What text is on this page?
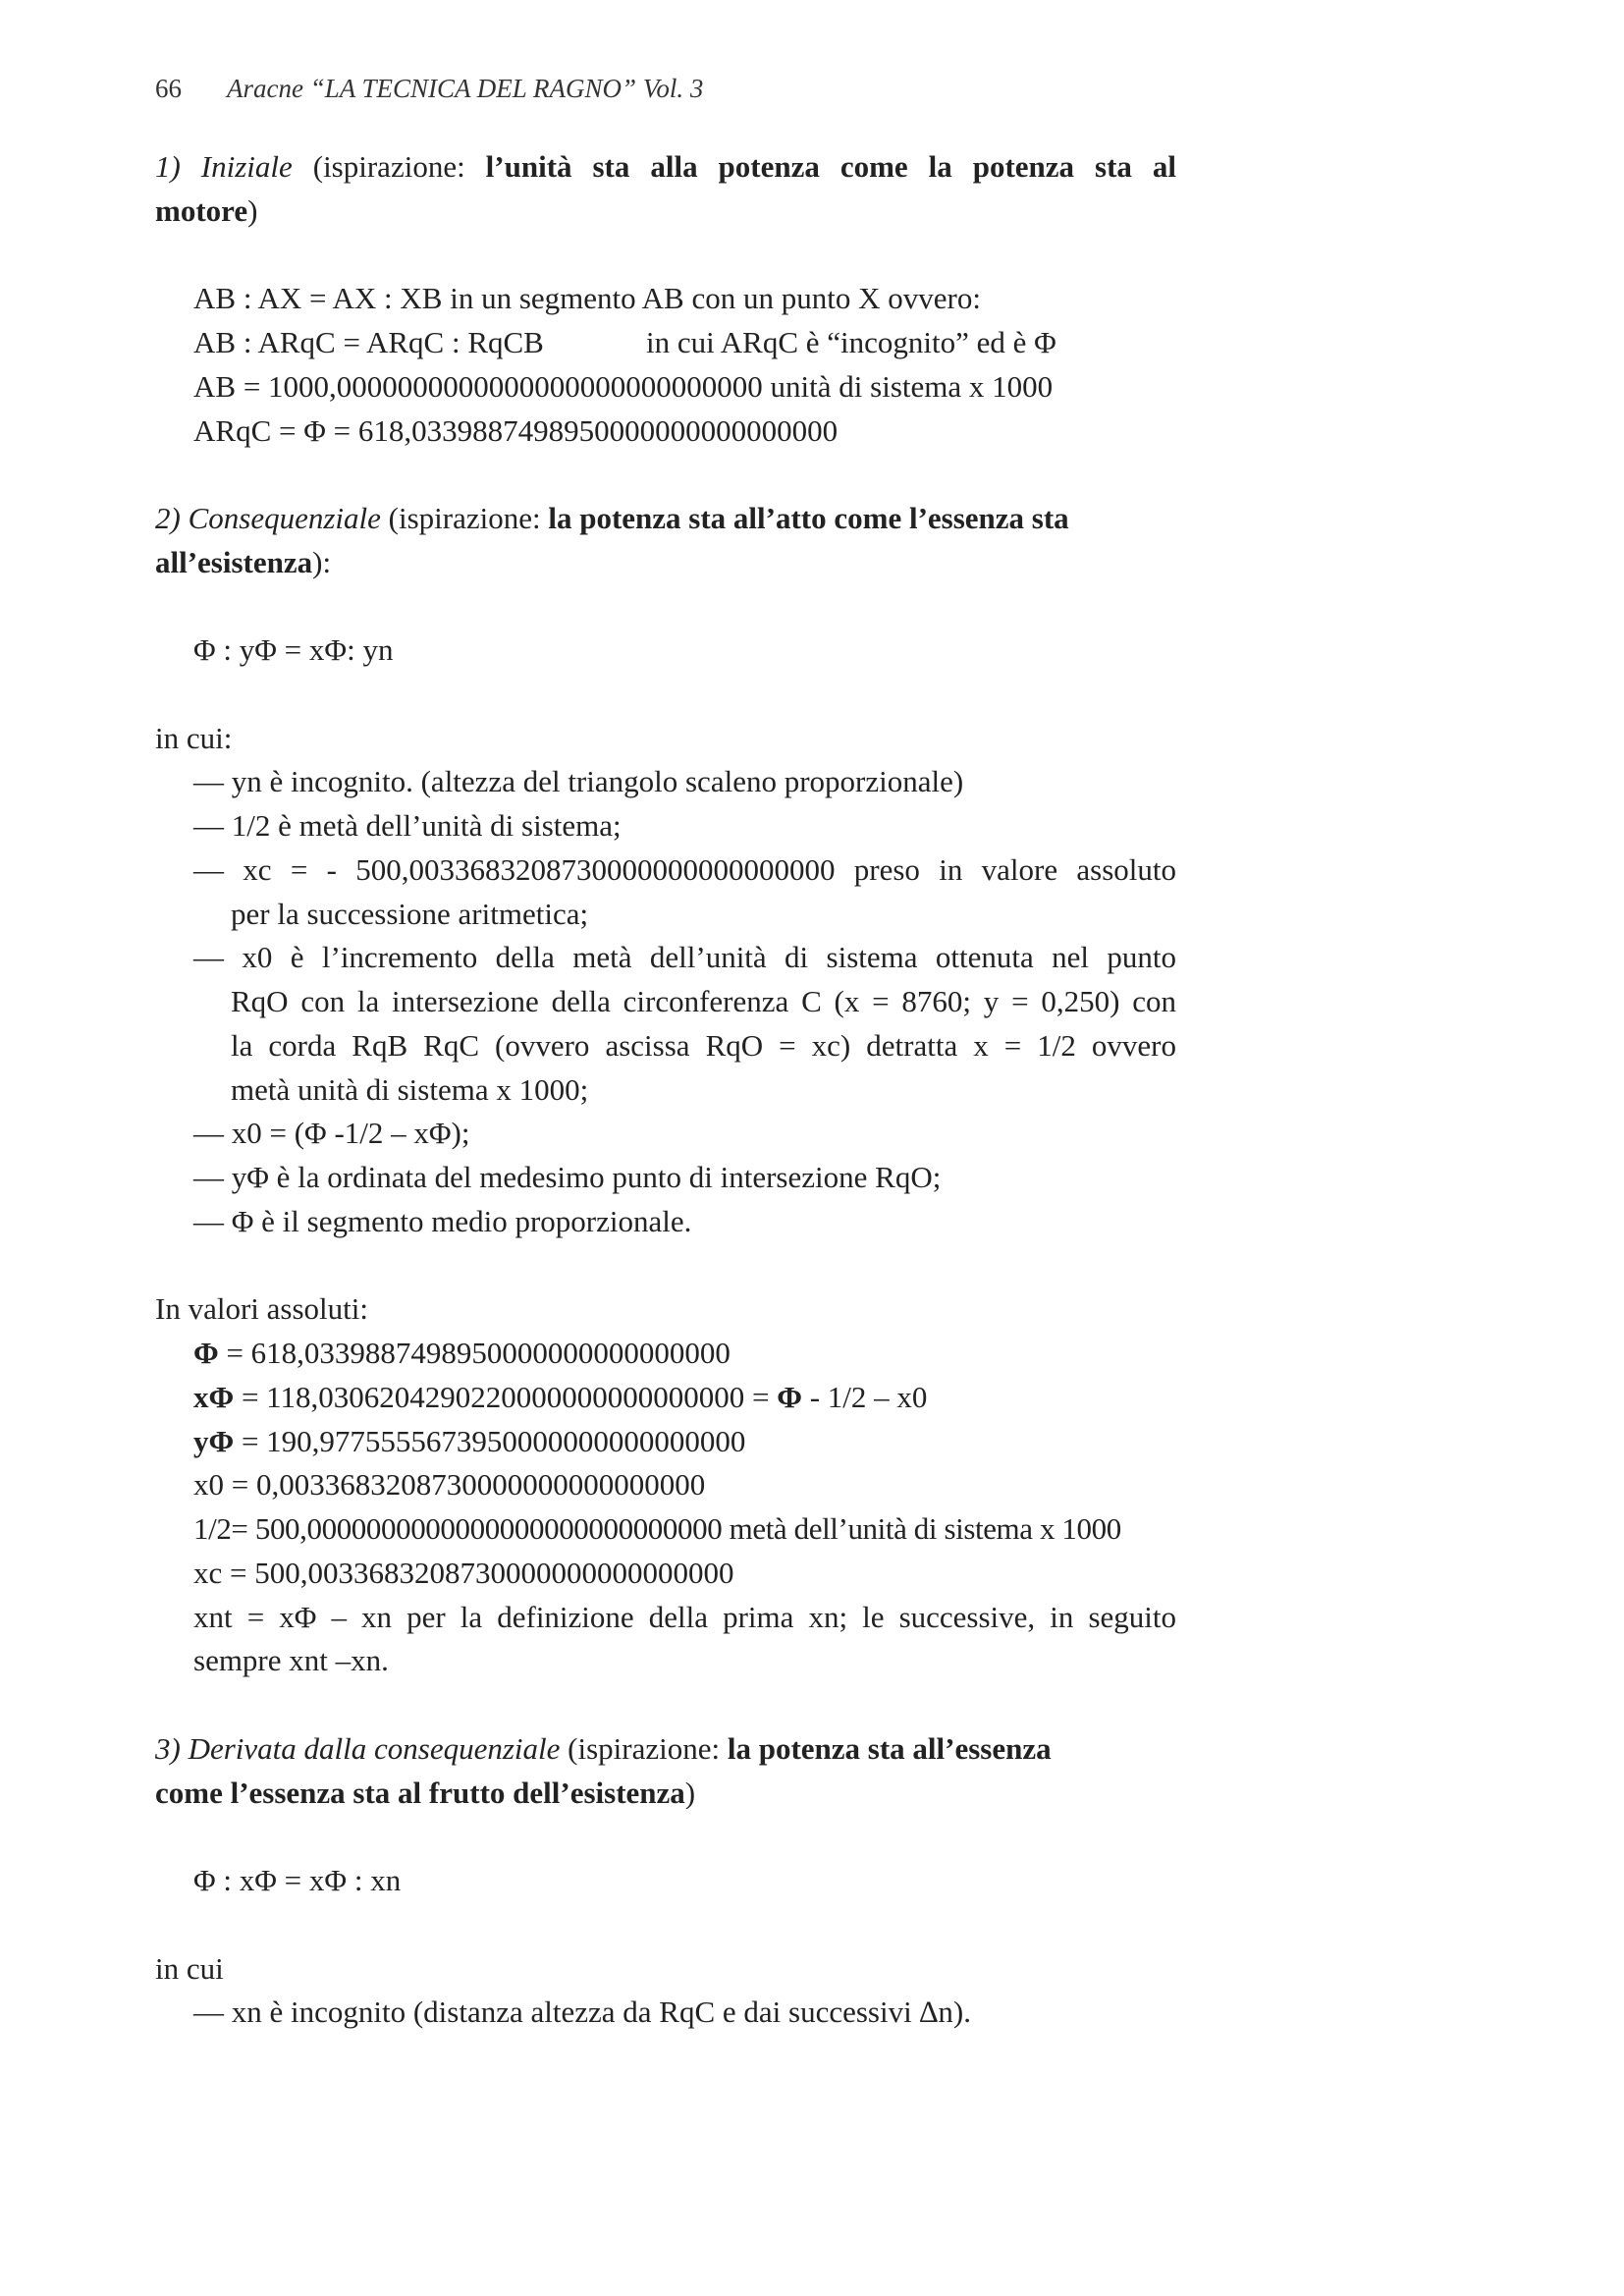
66 Aracne “LA TECNICA DEL RAGNO” Vol. 3
1) Iniziale (ispirazione: l’unità sta alla potenza come la potenza sta al
motore)
AB : AX = AX : XB in un segmento AB con un punto X ovvero:
AB : ARqC = ARqC : RqCB	in cui ARqC è “incognito” ed è Φ
AB = 1000,0000000000000000000000000000 unità di sistema x 1000
ARqC = Φ = 618,0339887498950000000000000000
2) Consequenziale (ispirazione: la potenza sta all’atto come l’essenza sta
all’esistenza):
Φ : yΦ = xΦ: yn
in cui:
— yn è incognito. (altezza del triangolo scaleno proporzionale)
— 1/2 è metà dell’unità di sistema;
— xc = - 500,0033683208730000000000000000 preso in valore assoluto
per la successione aritmetica;
— x0 è l’incremento della metà dell’unità di sistema ottenuta nel punto
RqO con la intersezione della circonferenza C (x = 8760; y = 0,250) con
la corda RqB RqC (ovvero ascissa RqO = xc) detratta x = 1/2 ovvero
metà unità di sistema x 1000;
— x0 = (Φ -1/2 – xΦ);
— yΦ è la ordinata del medesimo punto di intersezione RqO;
— Φ è il segmento medio proporzionale.
In valori assoluti:
Φ = 618,0339887498950000000000000000
xΦ = 118,0306204290220000000000000000 = Φ - 1/2 – x0
yΦ = 190,9775555673950000000000000000
x0 = 0,0033683208730000000000000000
1/2= 500,0000000000000000000000000000 metà dell’unità di sistema x 1000
xc = 500,0033683208730000000000000000
xnt = xΦ – xn per la definizione della prima xn; le successive, in seguito
sempre xnt –xn.
3) Derivata dalla consequenziale (ispirazione: la potenza sta all’essenza
come l’essenza sta al frutto dell’esistenza)
Φ : xΦ = xΦ : xn
in cui
— xn è incognito (distanza altezza da RqC e dai successivi ∆n).
